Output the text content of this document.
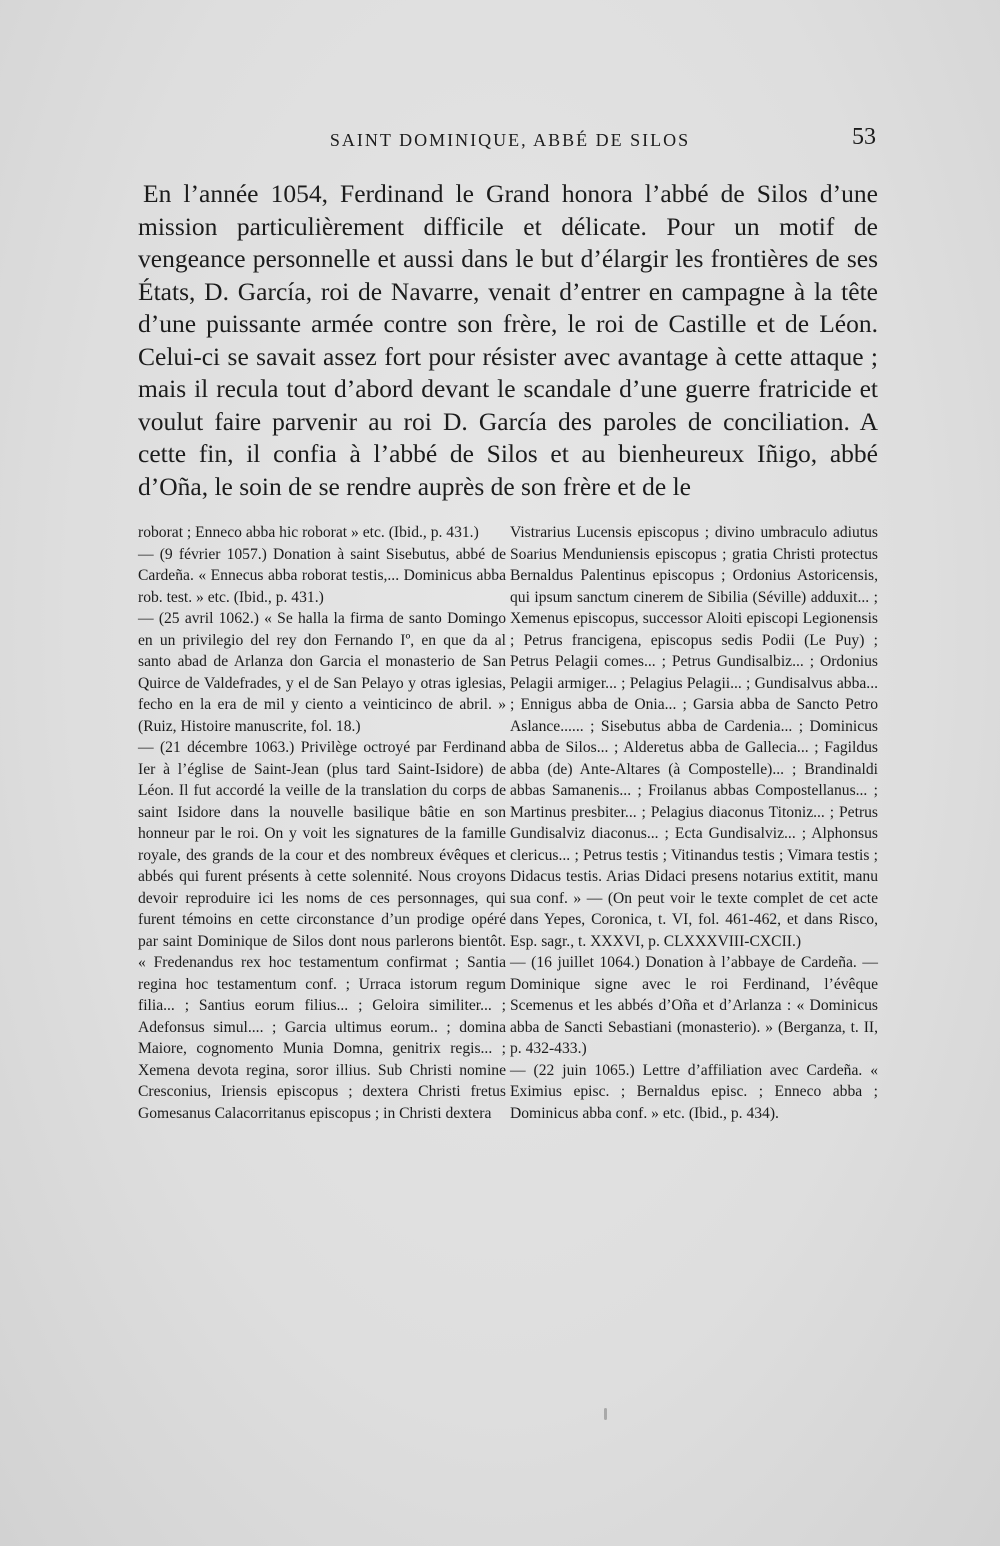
SAINT DOMINIQUE, ABBÉ DE SILOS	53

En l’année 1054, Ferdinand le Grand honora l’abbé de Silos d’une mission particulièrement difficile et délicate. Pour un motif de vengeance personnelle et aussi dans le but d’élargir les frontières de ses États, D. García, roi de Navarre, venait d’entrer en campagne à la tête d’une puissante armée contre son frère, le roi de Castille et de Léon. Celui-ci se savait assez fort pour résister avec avantage à cette attaque ; mais il recula tout d’abord devant le scandale d’une guerre fratricide et voulut faire parvenir au roi D. García des paroles de conciliation. A cette fin, il confia à l’abbé de Silos et au bienheureux Iñigo, abbé d’Oña, le soin de se rendre auprès de son frère et de le

roborat ; Enneco abba hic roborat » etc. (Ibid., p. 431.)

— (9 février 1057.) Donation à saint Sisebutus, abbé de Cardeña. « Ennecus abba roborat testis,... Dominicus abba rob. test. » etc. (Ibid., p. 431.)

— (25 avril 1062.) « Se halla la firma de santo Domingo en un privilegio del rey don Fernando Iº, en que da al santo abad de Arlanza don Garcia el monasterio de San Quirce de Valdefrades, y el de San Pelayo y otras iglesias, fecho en la era de mil y ciento a veinticinco de abril. » (Ruiz, Histoire manuscrite, fol. 18.)

— (21 décembre 1063.) Privilège octroyé par Ferdinand Ier à l’église de Saint-Jean (plus tard Saint-Isidore) de Léon. Il fut accordé la veille de la translation du corps de saint Isidore dans la nouvelle basilique bâtie en son honneur par le roi. On y voit les signatures de la famille royale, des grands de la cour et des nombreux évêques et abbés qui furent présents à cette solennité. Nous croyons devoir reproduire ici les noms de ces personnages, qui furent témoins en cette circonstance d’un prodige opéré par saint Dominique de Silos dont nous parlerons bientôt. « Fredenandus rex hoc testamentum confirmat ; Santia regina hoc testamentum conf. ; Urraca istorum regum filia... ; Santius eorum filius... ; Geloira similiter... ; Adefonsus simul.... ; Garcia ultimus eorum.. ; domina Maiore, cognomento Munia Domna, genitrix regis... ; Xemena devota regina, soror illius. Sub Christi nomine Cresconius, Iriensis episcopus ; dextera Christi fretus Gomesanus Calacorritanus episcopus ; in Christi dextera

Vistrarius Lucensis episcopus ; divino umbraculo adiutus Soarius Menduniensis episcopus ; gratia Christi protectus Bernaldus Palentinus episcopus ; Ordonius Astoricensis, qui ipsum sanctum cinerem de Sibilia (Séville) adduxit... ; Xemenus episcopus, successor Aloiti episcopi Legionensis ; Petrus francigena, episcopus sedis Podii (Le Puy) ; Petrus Pelagii comes... ; Petrus Gundisalbiz... ; Ordonius Pelagii armiger... ; Pelagius Pelagii... ; Gundisalvus abba... ; Ennigus abba de Onia... ; Garsia abba de Sancto Petro Aslance...... ; Sisebutus abba de Cardenia... ; Dominicus abba de Silos... ; Alderetus abba de Gallecia... ; Fagildus abba (de) Ante-Altares (à Compostelle)... ; Brandinaldi abbas Samanenis... ; Froilanus abbas Compostellanus... ; Martinus presbiter... ; Pelagius diaconus Titoniz... ; Petrus Gundisalviz diaconus... ; Ecta Gundisalviz... ; Alphonsus clericus... ; Petrus testis ; Vitinandus testis ; Vimara testis ; Didacus testis. Arias Didaci presens notarius extitit, manu sua conf. » — (On peut voir le texte complet de cet acte dans Yepes, Coronica, t. VI, fol. 461-462, et dans Risco, Esp. sagr., t. XXXVI, p. CLXXXVIII-CXCII.)

— (16 juillet 1064.) Donation à l’abbaye de Cardeña. — Dominique signe avec le roi Ferdinand, l’évêque Scemenus et les abbés d’Oña et d’Arlanza : « Dominicus abba de Sancti Sebastiani (monasterio). » (Berganza, t. II, p. 432-433.)

— (22 juin 1065.) Lettre d’affiliation avec Cardeña. « Eximius episc. ; Bernaldus episc. ; Enneco abba ; Dominicus abba conf. » etc. (Ibid., p. 434).
